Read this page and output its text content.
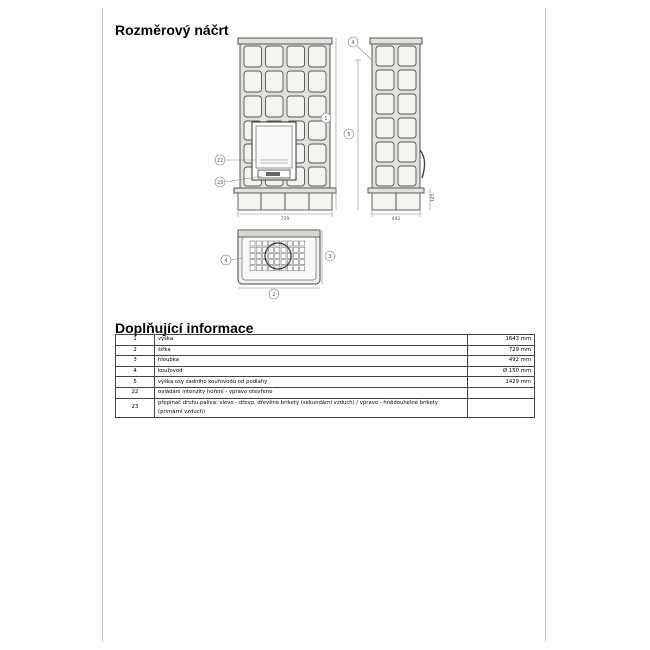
Rozměrový náčrt
22
23
1
729
4
5
145
492
4
3
2
Doplňující informace
1	výška	1643 mm
2	šířka	729 mm
3	hloubka	492 mm
4	kouřovod	Ø 150 mm
5	výška osy zadního kouřovodu od podlahy	1429 mm
22	ovládání intenzity hoření - vpravo otevřeno	
23	přepínač druhu paliva: vlevo - dřevo, dřevěné brikety (sekundární vzduch) / vpravo - hnědouhelné brikety (primární vzduch)	
